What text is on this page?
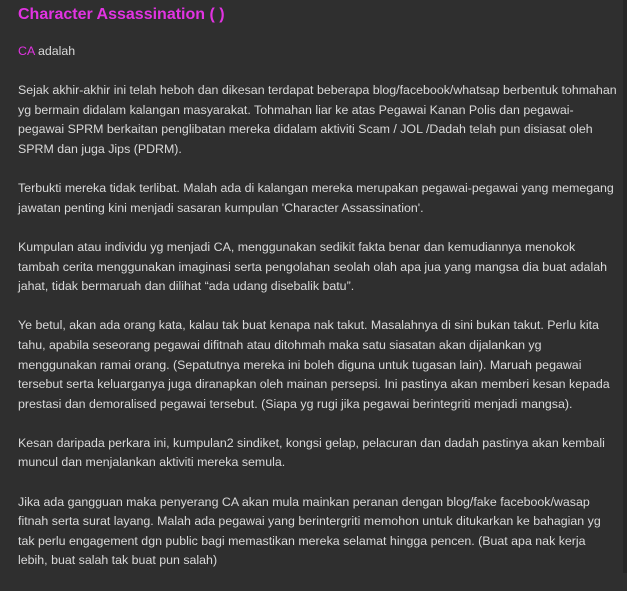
Character Assassination ( )

CA adalah

Sejak akhir-akhir ini telah heboh dan dikesan terdapat beberapa blog/facebook/whatsap berbentuk tohmahan yg bermain didalam kalangan masyarakat. Tohmahan liar ke atas Pegawai Kanan Polis dan pegawai-pegawai SPRM berkaitan penglibatan mereka didalam aktiviti Scam / JOL /Dadah telah pun disiasat oleh SPRM dan juga Jips (PDRM).

Terbukti mereka tidak terlibat. Malah ada di kalangan mereka merupakan pegawai-pegawai yang memegang jawatan penting kini menjadi sasaran kumpulan 'Character Assassination'.

Kumpulan atau individu yg menjadi CA, menggunakan sedikit fakta benar dan kemudiannya menokok tambah cerita menggunakan imaginasi serta pengolahan seolah olah apa jua yang mangsa dia buat adalah jahat, tidak bermaruah dan dilihat “ada udang disebalik batu”.

Ye betul, akan ada orang kata, kalau tak buat kenapa nak takut. Masalahnya di sini bukan takut. Perlu kita tahu, apabila seseorang pegawai difitnah atau ditohmah maka satu siasatan akan dijalankan yg menggunakan ramai orang. (Sepatutnya mereka ini boleh diguna untuk tugasan lain). Maruah pegawai tersebut serta keluarganya juga diranapkan oleh mainan persepsi. Ini pastinya akan memberi kesan kepada prestasi dan demoralised pegawai tersebut. (Siapa yg rugi jika pegawai berintegriti menjadi mangsa).

Kesan daripada perkara ini, kumpulan2 sindiket, kongsi gelap, pelacuran dan dadah pastinya akan kembali muncul dan menjalankan aktiviti mereka semula.

Jika ada gangguan maka penyerang CA akan mula mainkan peranan dengan blog/fake facebook/wasap fitnah serta surat layang. Malah ada pegawai yang berintergriti memohon untuk ditukarkan ke bahagian yg tak perlu engagement dgn public bagi memastikan mereka selamat hingga pencen. (Buat apa nak kerja lebih, buat salah tak buat pun salah)
